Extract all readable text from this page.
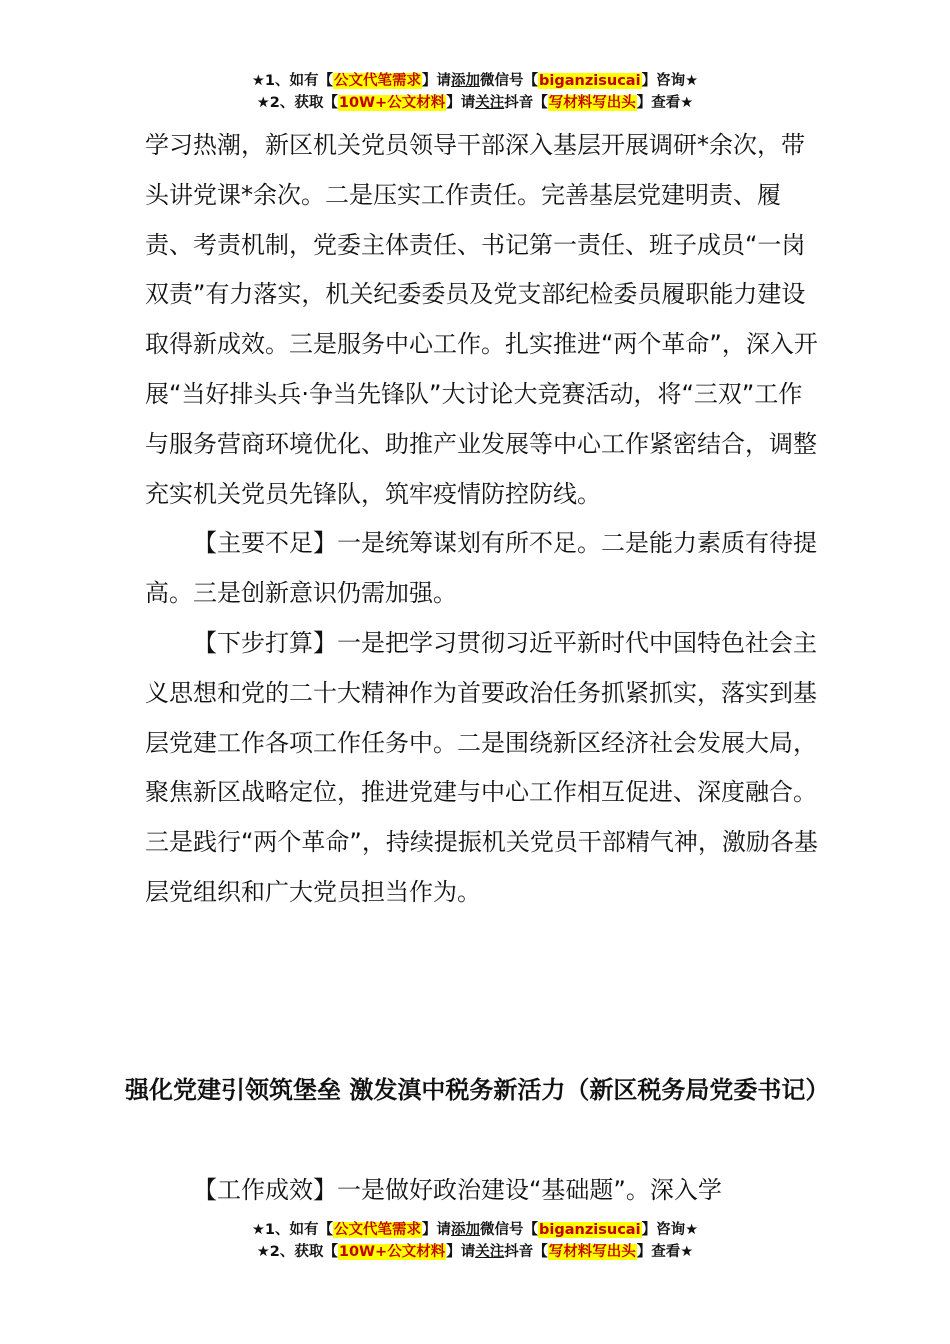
★1、如有【公文代笔需求】请添加微信号【biganzisucai】咨询★
★2、获取【10W+公文材料】请关注抖音【写材料写出头】查看★

学习热潮，新区机关党员领导干部深入基层开展调研*余次，带头讲党课*余次。二是压实工作责任。完善基层党建明责、履责、考责机制，党委主体责任、书记第一责任、班子成员“一岗双责”有力落实，机关纪委委员及党支部纪检委员履职能力建设取得新成效。三是服务中心工作。扎实推进“两个革命”，深入开展“当好排头兵·争当先锋队”大讨论大竞赛活动，将“三双”工作与服务营商环境优化、助推产业发展等中心工作紧密结合，调整充实机关党员先锋队，筑牢疫情防控防线。

【主要不足】一是统筹谋划有所不足。二是能力素质有待提高。三是创新意识仍需加强。

【下步打算】一是把学习贯彻习近平新时代中国特色社会主义思想和党的二十大精神作为首要政治任务抓紧抓实，落实到基层党建工作各项工作任务中。二是围绕新区经济社会发展大局，聚焦新区战略定位，推进党建与中心工作相互促进、深度融合。三是践行“两个革命”，持续提振机关党员干部精气神，激励各基层党组织和广大党员担当作为。

强化党建引领筑堡垒 激发滇中税务新活力（新区税务局党委书记）
【工作成效】一是做好政治建设“基础题”。深入学
★1、如有【公文代笔需求】请添加微信号【biganzisucai】咨询★
★2、获取【10W+公文材料】请关注抖音【写材料写出头】查看★
